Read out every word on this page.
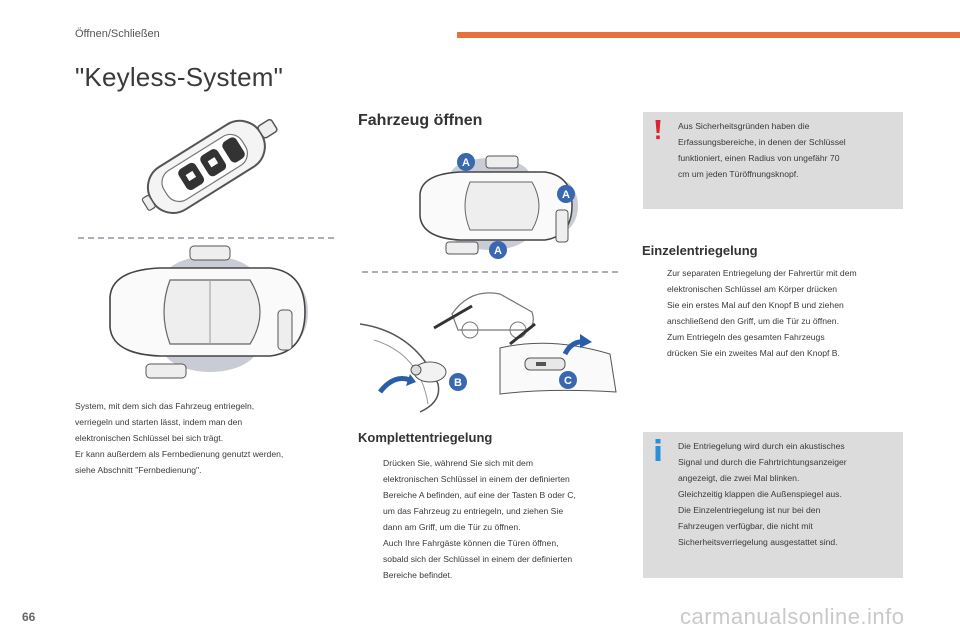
Öffnen/Schließen
"Keyless-System"
System, mit dem sich das Fahrzeug entriegeln,
verriegeln und starten lässt, indem man den
elektronischen Schlüssel bei sich trägt.
Er kann außerdem als Fernbedienung genutzt werden,
siehe Abschnitt "Fernbedienung".
Fahrzeug öffnen
A
A
A
B	C
Komplettentriegelung
Drücken Sie, während Sie sich mit dem
elektronischen Schlüssel in einem der definierten
Bereiche A befinden, auf eine der Tasten B oder C,
um das Fahrzeug zu entriegeln, und ziehen Sie
dann am Griff, um die Tür zu öffnen.
Auch Ihre Fahrgäste können die Türen öffnen,
sobald sich der Schlüssel in einem der definierten
Bereiche befindet.
Aus Sicherheitsgründen haben die
Erfassungsbereiche, in denen der Schlüssel
funktioniert, einen Radius von ungefähr 70
cm um jeden Türöffnungsknopf.
Einzelentriegelung
Zur separaten Entriegelung der Fahrertür mit dem
elektronischen Schlüssel am Körper drücken
Sie ein erstes Mal auf den Knopf B und ziehen
anschließend den Griff, um die Tür zu öffnen.
Zum Entriegeln des gesamten Fahrzeugs
drücken Sie ein zweites Mal auf den Knopf B.
Die Entriegelung wird durch ein akustisches
Signal und durch die Fahrtrichtungsanzeiger
angezeigt, die zwei Mal blinken.
Gleichzeitig klappen die Außenspiegel aus.
Die Einzelentriegelung ist nur bei den
Fahrzeugen verfügbar, die nicht mit
Sicherheitsverriegelung ausgestattet sind.
66	carmanualsonline.info
